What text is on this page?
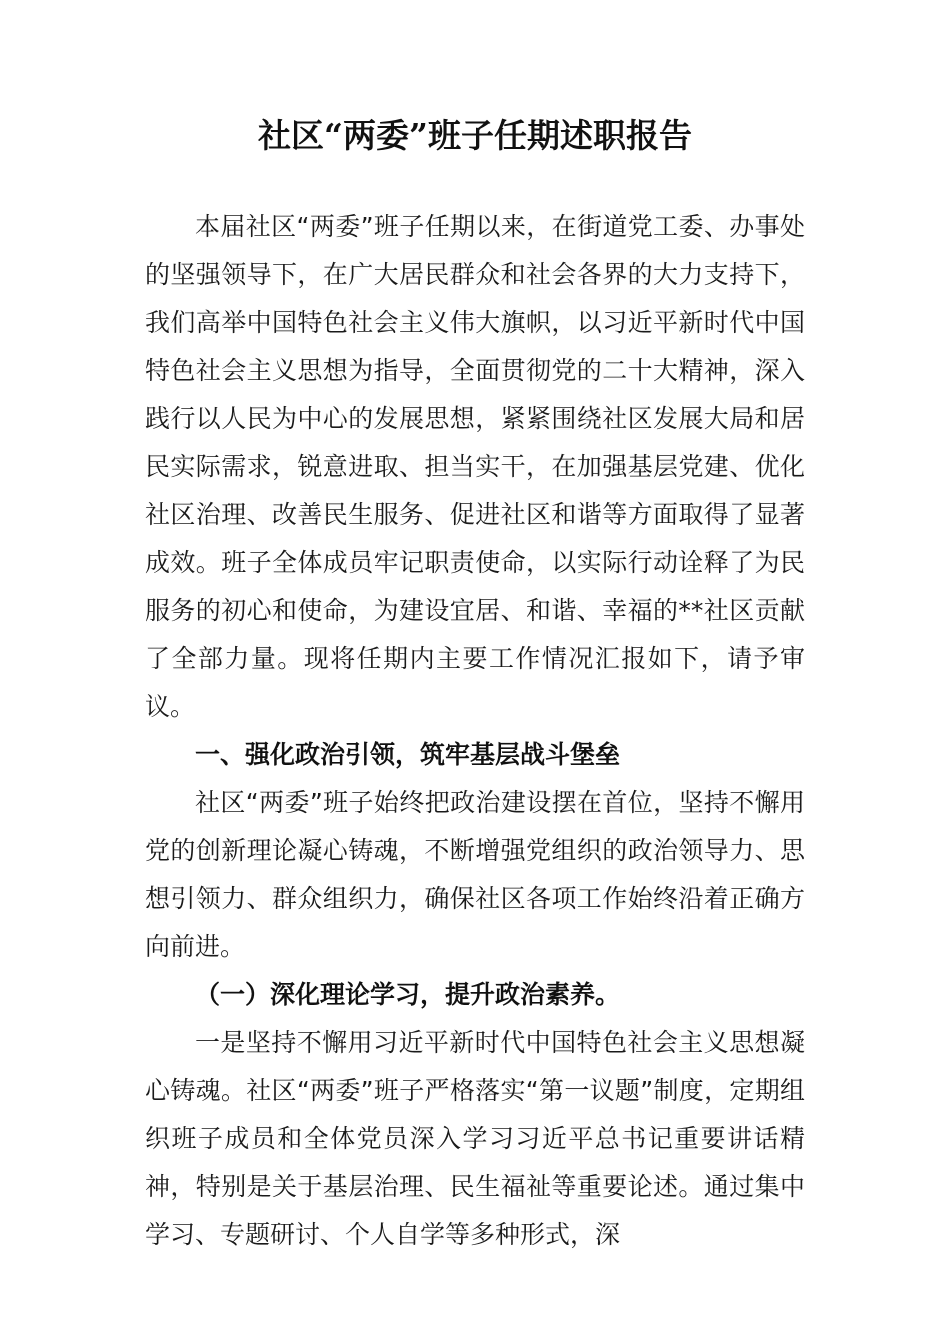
社区“两委”班子任期述职报告

本届社区“两委”班子任期以来，在街道党工委、办事处的坚强领导下，在广大居民群众和社会各界的大力支持下，我们高举中国特色社会主义伟大旗帜，以习近平新时代中国特色社会主义思想为指导，全面贯彻党的二十大精神，深入践行以人民为中心的发展思想，紧紧围绕社区发展大局和居民实际需求，锐意进取、担当实干，在加强基层党建、优化社区治理、改善民生服务、促进社区和谐等方面取得了显著成效。班子全体成员牢记职责使命，以实际行动诠释了为民服务的初心和使命，为建设宜居、和谐、幸福的**社区贡献了全部力量。现将任期内主要工作情况汇报如下，请予审议。

一、强化政治引领，筑牢基层战斗堡垒

社区“两委”班子始终把政治建设摆在首位，坚持不懈用党的创新理论凝心铸魂，不断增强党组织的政治领导力、思想引领力、群众组织力，确保社区各项工作始终沿着正确方向前进。

（一）深化理论学习，提升政治素养。

一是坚持不懈用习近平新时代中国特色社会主义思想凝心铸魂。社区“两委”班子严格落实“第一议题”制度，定期组织班子成员和全体党员深入学习习近平总书记重要讲话精神，特别是关于基层治理、民生福祉等重要论述。通过集中学习、专题研讨、个人自学等多种形式，深
